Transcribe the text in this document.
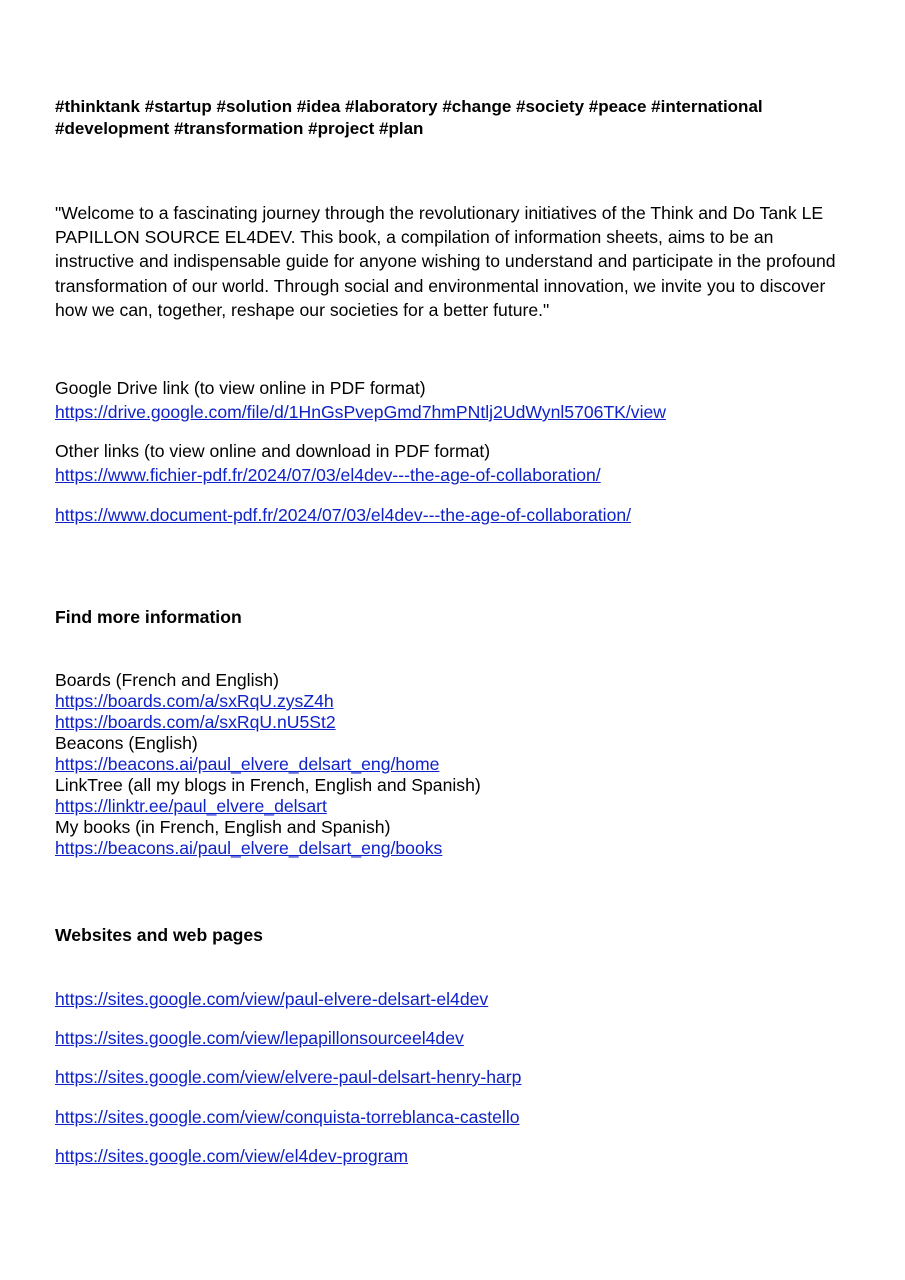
#thinktank #startup #solution #idea #laboratory #change #society #peace #international #development #transformation #project #plan
"Welcome to a fascinating journey through the revolutionary initiatives of the Think and Do Tank LE PAPILLON SOURCE EL4DEV. This book, a compilation of information sheets, aims to be an instructive and indispensable guide for anyone wishing to understand and participate in the profound transformation of our world. Through social and environmental innovation, we invite you to discover how we can, together, reshape our societies for a better future."
Google Drive link (to view online in PDF format)
https://drive.google.com/file/d/1HnGsPvepGmd7hmPNtlj2UdWynl5706TK/view
Other links (to view online and download in PDF format)
https://www.fichier-pdf.fr/2024/07/03/el4dev---the-age-of-collaboration/
https://www.document-pdf.fr/2024/07/03/el4dev---the-age-of-collaboration/
Find more information
Boards (French and English)
https://boards.com/a/sxRqU.zysZ4h
https://boards.com/a/sxRqU.nU5St2
Beacons (English)
https://beacons.ai/paul_elvere_delsart_eng/home
LinkTree (all my blogs in French, English and Spanish)
https://linktr.ee/paul_elvere_delsart
My books (in French, English and Spanish)
https://beacons.ai/paul_elvere_delsart_eng/books
Websites and web pages
https://sites.google.com/view/paul-elvere-delsart-el4dev
https://sites.google.com/view/lepapillonsourceel4dev
https://sites.google.com/view/elvere-paul-delsart-henry-harp
https://sites.google.com/view/conquista-torreblanca-castello
https://sites.google.com/view/el4dev-program
